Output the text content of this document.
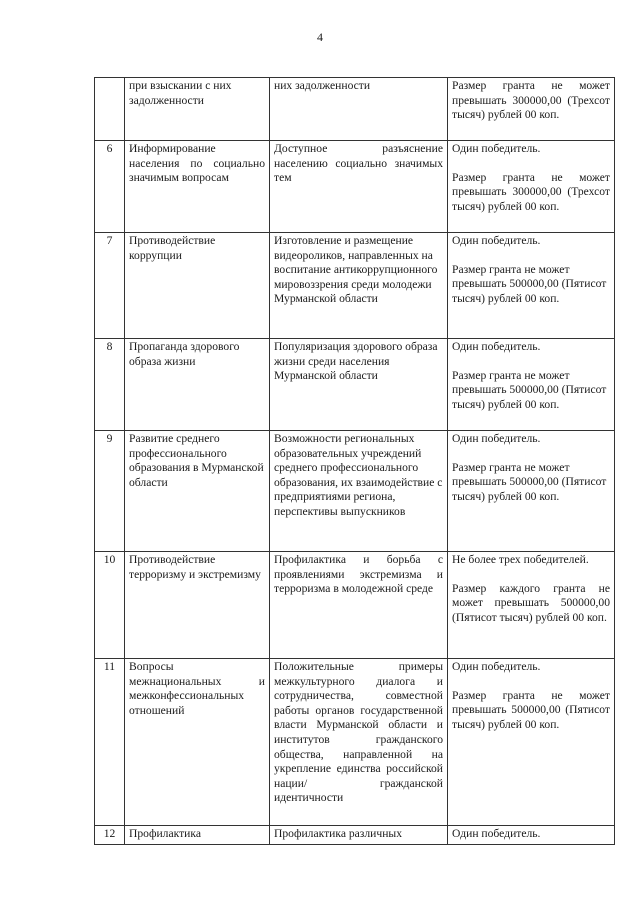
4
	при взыскании с них задолженности	них задолженности	Размер гранта не может превышать 300000,00 (Трехсот тысяч) рублей 00 коп.

6	Информирование населения по социально значимым вопросам	Доступное разъяснение населению социально значимых тем	Один победитель.
Размер гранта не может превышать 300000,00 (Трехсот тысяч) рублей 00 коп.

7	Противодействие коррупции	Изготовление и размещение видеороликов, направленных на воспитание антикоррупционного мировоззрения среди молодежи Мурманской области	Один победитель.
Размер гранта не может превышать 500000,00 (Пятисот тысяч) рублей 00 коп.

8	Пропаганда здорового образа жизни	Популяризация здорового образа жизни среди населения Мурманской области	Один победитель.
Размер гранта не может превышать 500000,00 (Пятисот тысяч) рублей 00 коп.

9	Развитие среднего профессионального образования в Мурманской области	Возможности региональных образовательных учреждений среднего профессионального образования, их взаимодействие с предприятиями региона, перспективы выпускников	Один победитель.
Размер гранта не может превышать 500000,00 (Пятисот тысяч) рублей 00 коп.

10	Противодействие терроризму и экстремизму	Профилактика и борьба с проявлениями экстремизма и терроризма в молодежной среде	Не более трех победителей.
Размер каждого гранта не может превышать 500000,00 (Пятисот тысяч) рублей 00 коп.

11	Вопросы межнациональных и межконфессиональных отношений	Положительные примеры межкультурного диалога и сотрудничества, совместной работы органов государственной власти Мурманской области и институтов гражданского общества, направленной на укрепление единства российской нации/ гражданской идентичности	Один победитель.
Размер гранта не может превышать 500000,00 (Пятисот тысяч) рублей 00 коп.

12	Профилактика	Профилактика различных	Один победитель.
